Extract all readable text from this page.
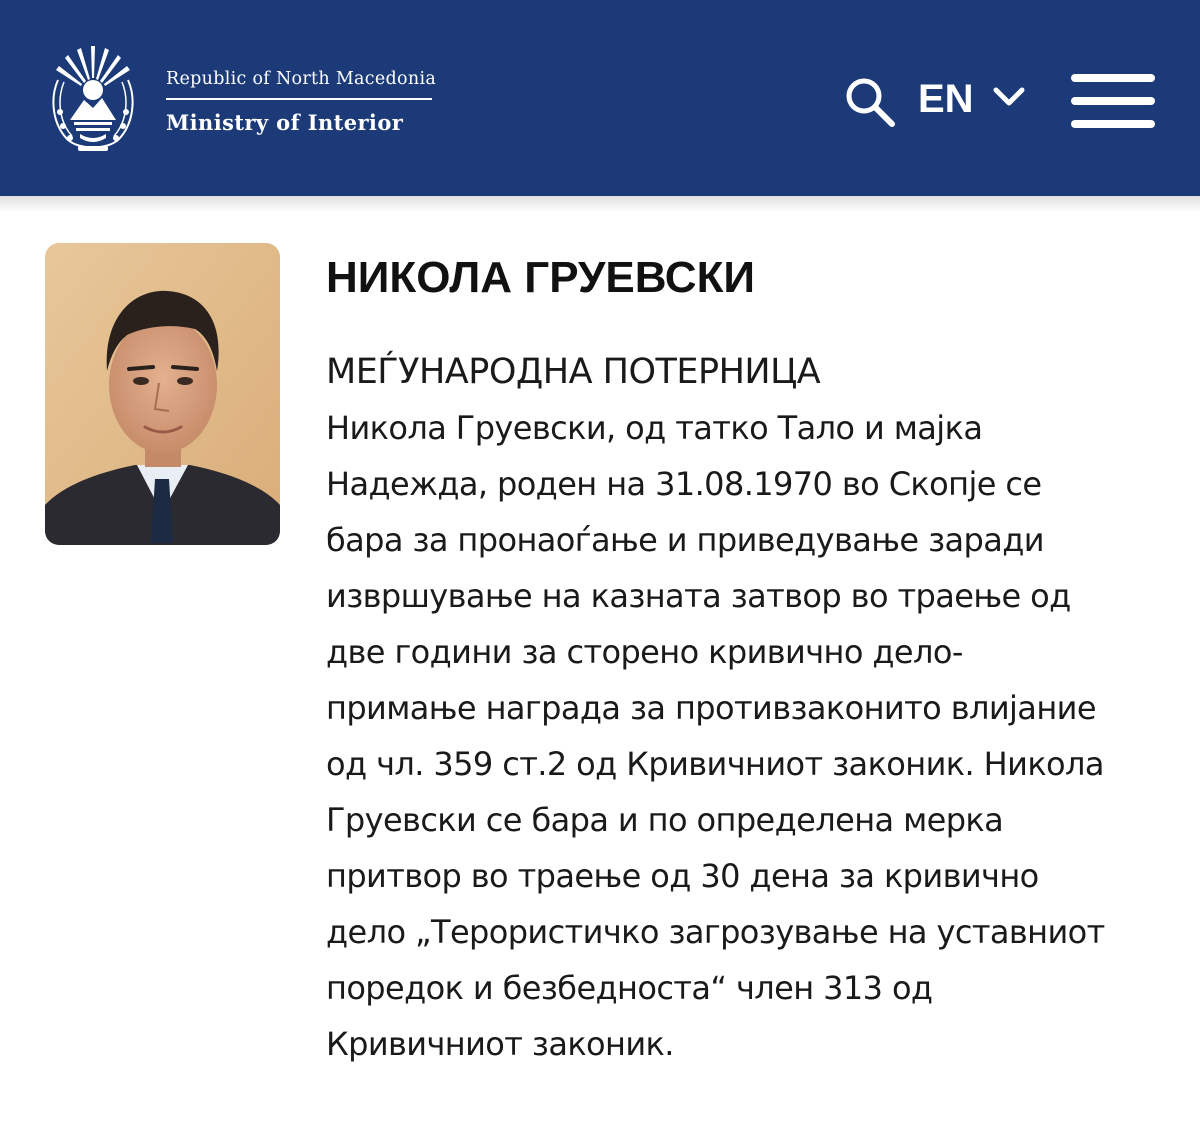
Republic of North Macedonia
Ministry of Interior
EN
НИКОЛА ГРУЕВСКИ
МЕЃУНАРОДНА ПОТЕРНИЦА
Никола Груевски, од татко Тало и мајка
Надежда, роден на 31.08.1970 во Скопје се
бара за пронаоѓање и приведување заради
извршување на казната затвор во траење од
две години за сторено кривично дело-
примање награда за противзаконито влијание
од чл. 359 ст.2 од Кривичниот законик. Никола
Груевски се бара и по определена мерка
притвор во траење од 30 дена за кривично
дело „Терористичко загрозување на уставниот
поредок и безбедноста“ член 313 од
Кривичниот законик.
